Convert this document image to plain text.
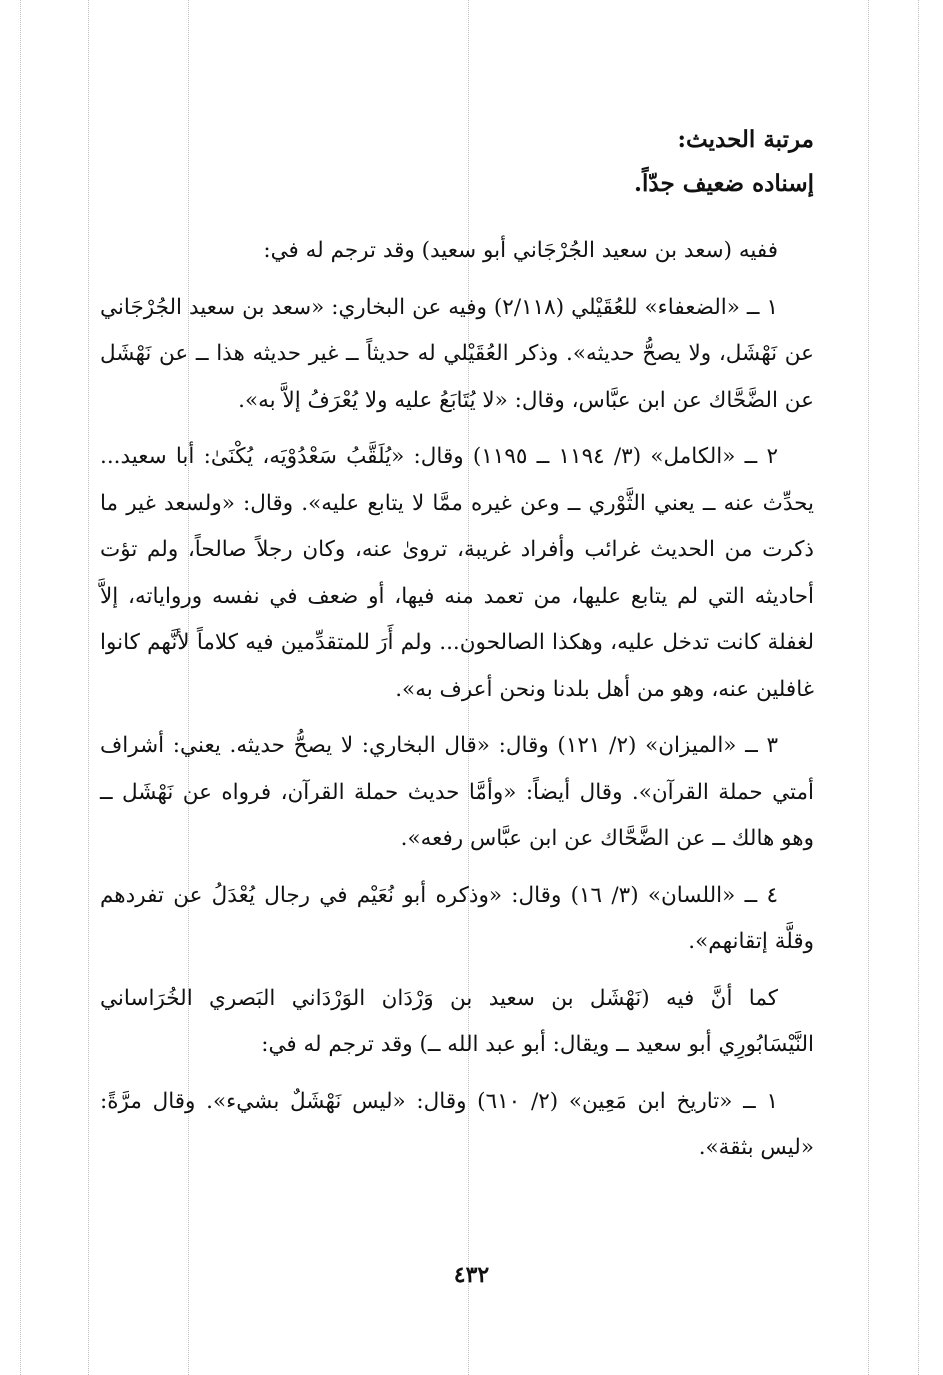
مرتبة الحديث:
إسناده ضعيف جدّاً.

ففيه (سعد بن سعيد الجُرْجَاني أبو سعيد) وقد ترجم له في:

١ ــ «الضعفاء» للعُقَيْلي (٢/١١٨) وفيه عن البخاري: «سعد بن سعيد الجُرْجَاني عن نَهْشَل، ولا يصحُّ حديثه». وذكر العُقَيْلي له حديثاً ــ غير حديثه هذا ــ عن نَهْشَل عن الضَّحَّاك عن ابن عبَّاس، وقال: «لا يُتَابَعُ عليه ولا يُعْرَفُ إلاَّ به».

٢ ــ «الكامل» (٣/ ١١٩٤ ــ ١١٩٥) وقال: «يُلَقَّبُ سَعْدُوْيَه، يُكْنَىٰ: أبا سعيد... يحدِّث عنه ــ يعني الثَّوْري ــ وعن غيره ممَّا لا يتابع عليه». وقال: «ولسعد غير ما ذكرت من الحديث غرائب وأفراد غريبة، تروىٰ عنه، وكان رجلاً صالحاً، ولم تؤت أحاديثه التي لم يتابع عليها، من تعمد منه فيها، أو ضعف في نفسه ورواياته، إلاَّ لغفلة كانت تدخل عليه، وهكذا الصالحون... ولم أَرَ للمتقدِّمين فيه كلاماً لأنَّهم كانوا غافلين عنه، وهو من أهل بلدنا ونحن أعرف به».

٣ ــ «الميزان» (٢/ ١٢١) وقال: «قال البخاري: لا يصحُّ حديثه. يعني: أشراف أمتي حملة القرآن». وقال أيضاً: «وأمَّا حديث حملة القرآن، فرواه عن نَهْشَل ــ وهو هالك ــ عن الضَّحَّاك عن ابن عبَّاس رفعه».

٤ ــ «اللسان» (٣/ ١٦) وقال: «وذكره أبو نُعَيْم في رجال يُعْدَلُ عن تفردهم وقلَّة إتقانهم».

كما أنَّ فيه (نَهْشَل بن سعيد بن وَرْدَان الوَرْدَاني البَصري الخُرَاساني النَّيْسَابُورِي أبو سعيد ــ ويقال: أبو عبد الله ــ) وقد ترجم له في:

١ ــ «تاريخ ابن مَعِين» (٢/ ٦١٠) وقال: «ليس نَهْشَلٌ بشيء». وقال مرَّةً: «ليس بثقة».

٤٣٢
